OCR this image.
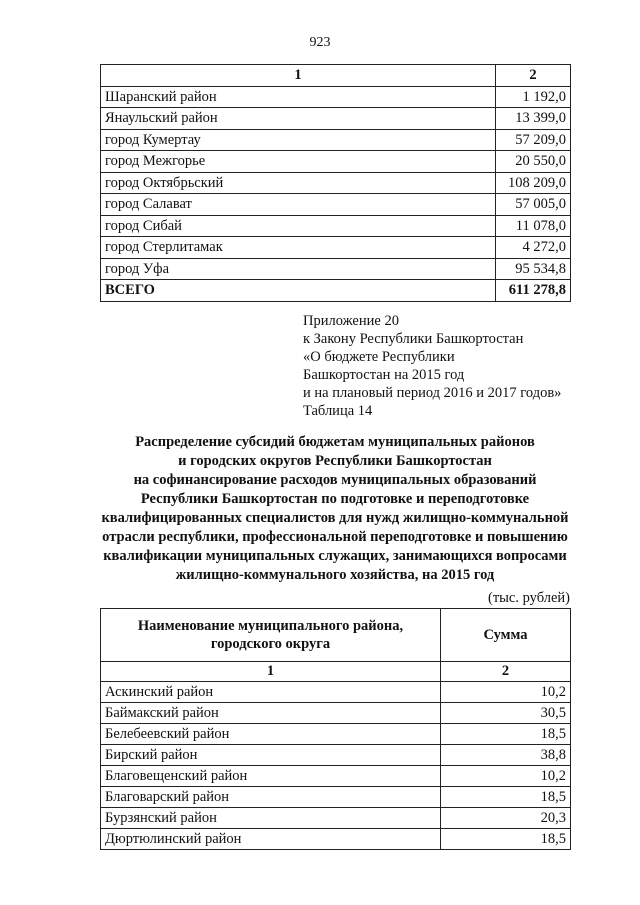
923
1	2
Шаранский район	1 192,0
Янаульский район	13 399,0
город Кумертау	57 209,0
город Межгорье	20 550,0
город Октябрьский	108 209,0
город Салават	57 005,0
город Сибай	11 078,0
город Стерлитамак	4 272,0
город Уфа	95 534,8
ВСЕГО	611 278,8
Приложение 20
к Закону Республики Башкортостан
«О бюджете Республики
Башкортостан на 2015 год
и на плановый период 2016 и 2017 годов»
Таблица 14
Распределение субсидий бюджетам муниципальных районов
и городских округов Республики Башкортостан
на софинансирование расходов муниципальных образований
Республики Башкортостан по подготовке и переподготовке
квалифицированных специалистов для нужд жилищно-коммунальной
отрасли республики, профессиональной переподготовке и повышению
квалификации муниципальных служащих, занимающихся вопросами
жилищно-коммунального хозяйства, на 2015 год
(тыс. рублей)
Наименование муниципального района, городского округа	Сумма
1	2
Аскинский район	10,2
Баймакский район	30,5
Белебеевский район	18,5
Бирский район	38,8
Благовещенский район	10,2
Благоварский район	18,5
Бурзянский район	20,3
Дюртюлинский район	18,5
